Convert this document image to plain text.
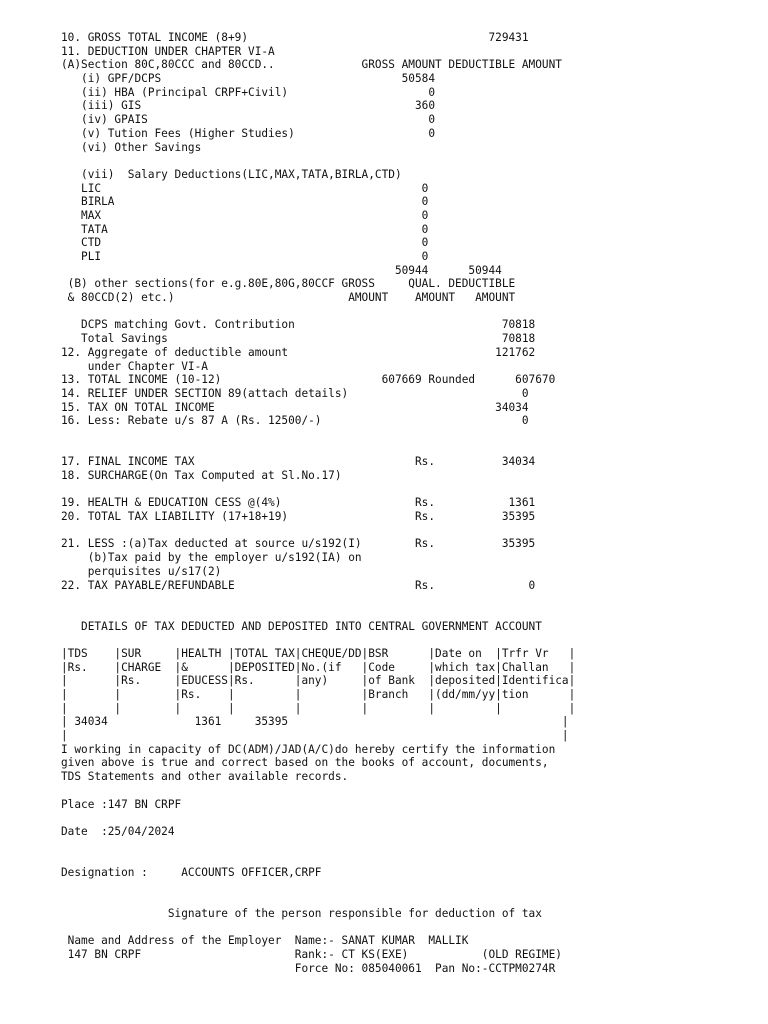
10. GROSS TOTAL INCOME (8+9)                                    729431
11. DEDUCTION UNDER CHAPTER VI-A
(A)Section 80C,80CCC and 80CCD..             GROSS AMOUNT DEDUCTIBLE AMOUNT
(i) GPF/DCPS                                    50584
(ii) HBA (Principal CRPF+Civil)                     0
(iii) GIS                                         360
(iv) GPAIS                                          0
(v) Tution Fees (Higher Studies)                    0
(vi) Other Savings
(vii)  Salary Deductions(LIC,MAX,TATA,BIRLA,CTD)
LIC                                                0
BIRLA                                              0
MAX                                                0
TATA                                               0
CTD                                                0
PLI                                                0
50944      50944
(B) other sections(for e.g.80E,80G,80CCF GROSS     QUAL. DEDUCTIBLE
& 80CCD(2) etc.)                          AMOUNT    AMOUNT   AMOUNT
DCPS matching Govt. Contribution                               70818
Total Savings                                                  70818
12. Aggregate of deductible amount                               121762
under Chapter VI-A
13. TOTAL INCOME (10-12)                        607669 Rounded      607670
14. RELIEF UNDER SECTION 89(attach details)                          0
15. TAX ON TOTAL INCOME                                          34034
16. Less: Rebate u/s 87 A (Rs. 12500/-)                              0
17. FINAL INCOME TAX                                 Rs.          34034
18. SURCHARGE(On Tax Computed at Sl.No.17)
19. HEALTH & EDUCATION CESS @(4%)                    Rs.           1361
20. TOTAL TAX LIABILITY (17+18+19)                   Rs.          35395
21. LESS :(a)Tax deducted at source u/s192(I)        Rs.          35395
(b)Tax paid by the employer u/s192(IA) on
perquisites u/s17(2)
22. TAX PAYABLE/REFUNDABLE                           Rs.              0
DETAILS OF TAX DEDUCTED AND DEPOSITED INTO CENTRAL GOVERNMENT ACCOUNT
|TDS    |SUR     |HEALTH |TOTAL TAX|CHEQUE/DD|BSR      |Date on  |Trfr Vr   |
|Rs.    |CHARGE  |&      |DEPOSITED|No.(if   |Code     |which tax|Challan   |
|       |Rs.     |EDUCESS|Rs.      |any)     |of Bank  |deposited|Identifica|
|       |        |Rs.    |         |         |Branch   |(dd/mm/yy|tion      |
|       |        |       |         |         |         |         |          |
| 34034             1361     35395                                         |
|                                                                          |
I working in capacity of DC(ADM)/JAD(A/C)do hereby certify the information
given above is true and correct based on the books of account, documents,
TDS Statements and other available records.
Place :147 BN CRPF
Date  :25/04/2024
Designation :     ACCOUNTS OFFICER,CRPF
Signature of the person responsible for deduction of tax
Name and Address of the Employer  Name:- SANAT KUMAR  MALLIK
147 BN CRPF                       Rank:- CT KS(EXE)           (OLD REGIME)
Force No: 085040061  Pan No:-CCTPM0274R
